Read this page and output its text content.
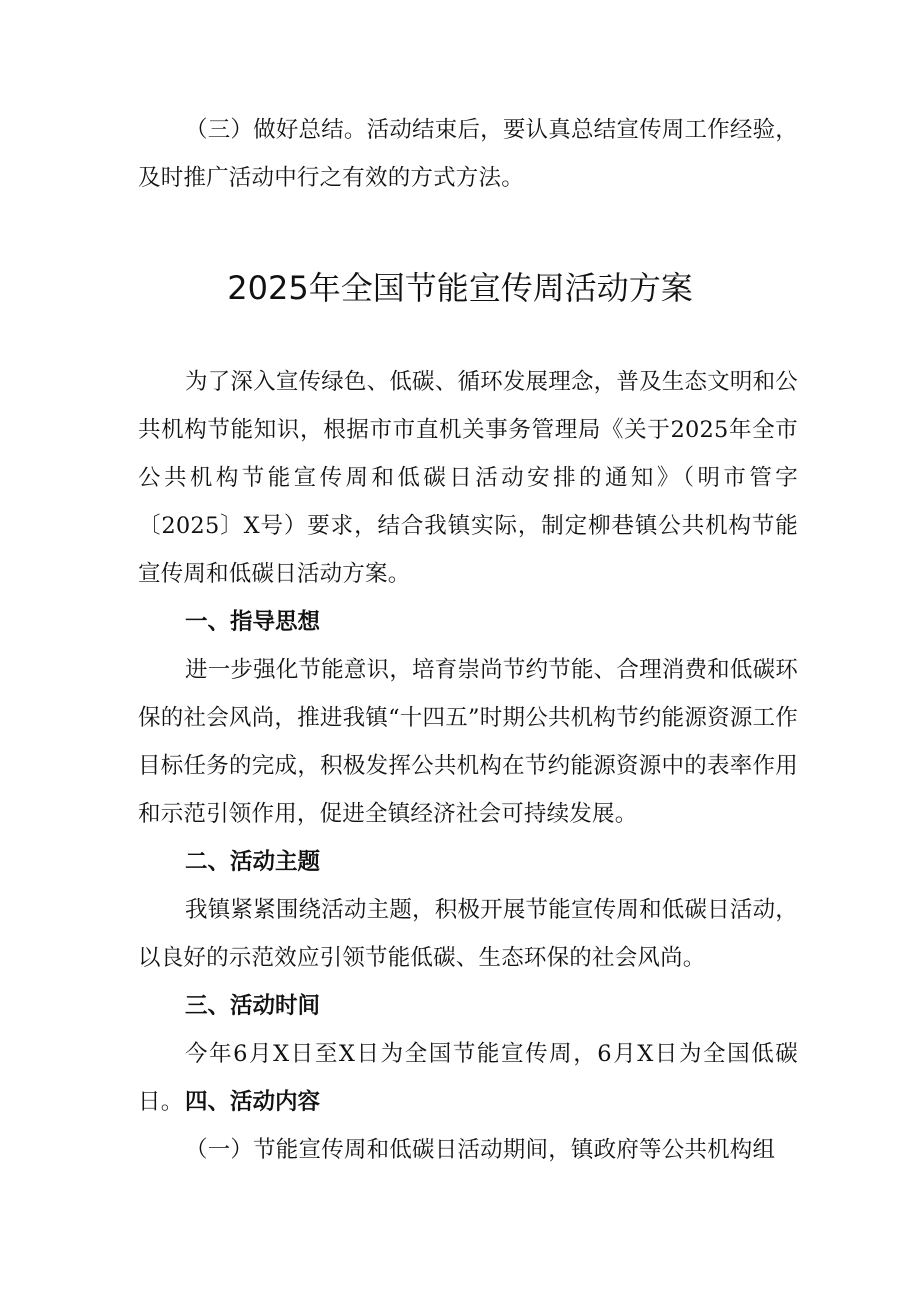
（三）做好总结。活动结束后，要认真总结宣传周工作经验，及时推广活动中行之有效的方式方法。

2025年全国节能宣传周活动方案

为了深入宣传绿色、低碳、循环发展理念，普及生态文明和公共机构节能知识，根据市市直机关事务管理局《关于2025年全市公共机构节能宣传周和低碳日活动安排的通知》（明市管字〔2025〕X号）要求，结合我镇实际，制定柳巷镇公共机构节能宣传周和低碳日活动方案。

一、指导思想

进一步强化节能意识，培育崇尚节约节能、合理消费和低碳环保的社会风尚，推进我镇“十四五”时期公共机构节约能源资源工作目标任务的完成，积极发挥公共机构在节约能源资源中的表率作用和示范引领作用，促进全镇经济社会可持续发展。

二、活动主题

我镇紧紧围绕活动主题，积极开展节能宣传周和低碳日活动，以良好的示范效应引领节能低碳、生态环保的社会风尚。

三、活动时间

今年6月X日至X日为全国节能宣传周，6月X日为全国低碳日。 四、活动内容

（一）节能宣传周和低碳日活动期间，镇政府等公共机构组
